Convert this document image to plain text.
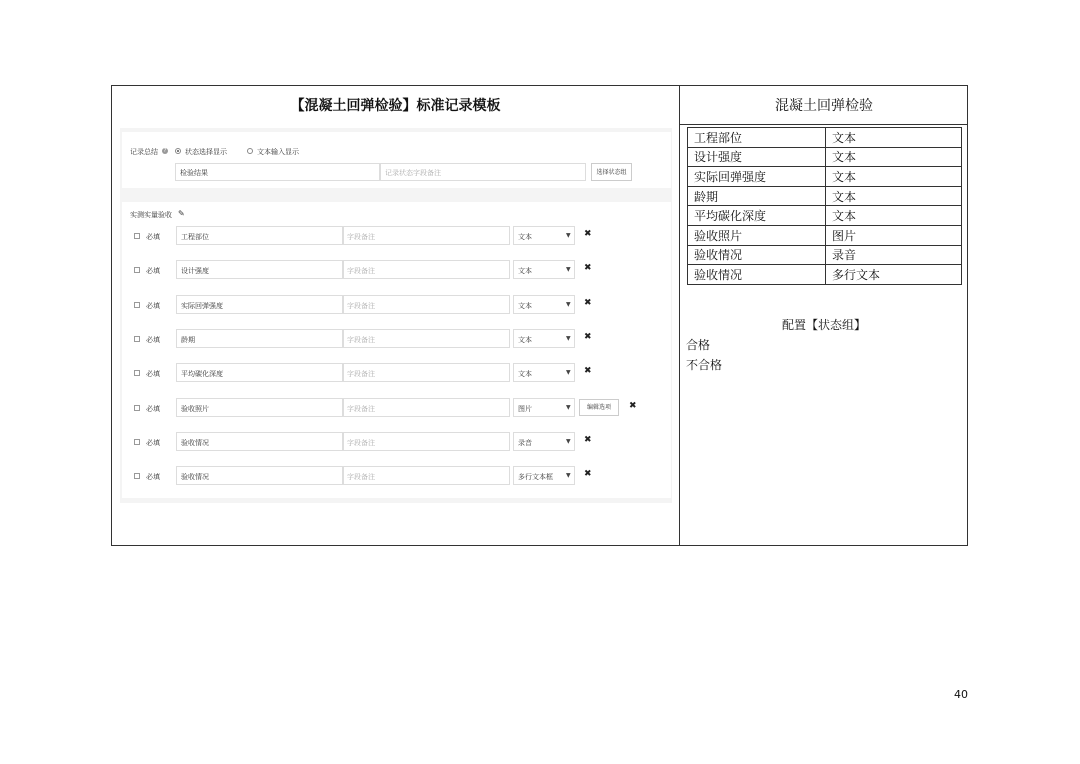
【混凝土回弹检验】标准记录模板	混凝土回弹检验
记录总结	?	状态选择显示	文本输入显示
检验结果	记录状态字段备注	选择状态组
实测实量验收 ✎
必填	工程部位	字段备注	文本	▼ ✖
必填	设计强度	字段备注	文本	▼ ✖
必填	实际回弹强度	字段备注	文本	▼ ✖
必填	龄期	字段备注	文本	▼ ✖
必填	平均碳化深度	字段备注	文本	▼ ✖
必填	验收照片	字段备注	图片	▼	编辑选项	✖
必填	验收情况	字段备注	录音	▼ ✖
必填	验收情况	字段备注	多行文本框 ▼ ✖
工程部位	文本
设计强度	文本
实际回弹强度	文本
龄期	文本
平均碳化深度	文本
验收照片	图片
验收情况	录音
验收情况	多行文本
配置【状态组】
合格
不合格
40
